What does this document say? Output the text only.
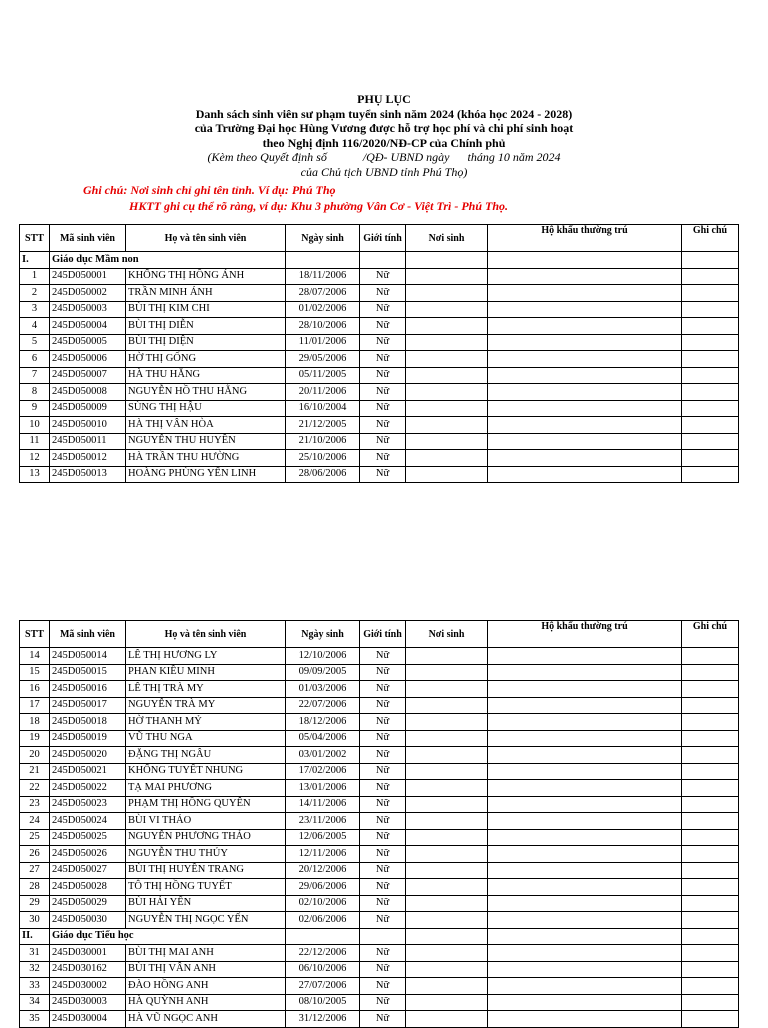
PHỤ LỤC
Danh sách sinh viên sư phạm tuyển sinh năm 2024 (khóa học 2024 - 2028)
của Trường Đại học Hùng Vương được hỗ trợ học phí và chi phí sinh hoạt
theo Nghị định 116/2020/NĐ-CP của Chính phủ
(Kèm theo Quyết định số            /QĐ- UBND ngày      tháng 10 năm 2024
của Chủ tịch UBND tỉnh Phú Thọ)
Ghi chú: Nơi sinh chỉ ghi tên tỉnh. Ví dụ: Phú Thọ
HKTT ghi cụ thể rõ ràng, ví dụ: Khu 3 phường Vân Cơ - Việt Trì - Phú Thọ.
STT	Mã sinh viên	Họ và tên sinh viên	Ngày sinh	Giới tính	Nơi sinh	Hộ khẩu thường trú	Ghi chú
I.	Giáo dục Mầm non						
1	245D050001	KHỔNG THỊ HỒNG ÁNH	18/11/2006	Nữ			
2	245D050002	TRẦN MINH ÁNH	28/07/2006	Nữ			
3	245D050003	BÙI THỊ KIM CHI	01/02/2006	Nữ			
4	245D050004	BÙI THỊ DIỄN	28/10/2006	Nữ			
5	245D050005	BÙI THỊ DIỆN	11/01/2006	Nữ			
6	245D050006	HỜ THỊ GỐNG	29/05/2006	Nữ			
7	245D050007	HÀ THU HẰNG	05/11/2005	Nữ			
8	245D050008	NGUYỄN HỒ THU HẰNG	20/11/2006	Nữ			
9	245D050009	SÙNG THỊ HẬU	16/10/2004	Nữ			
10	245D050010	HÀ THỊ VÂN HÒA	21/12/2005	Nữ			
11	245D050011	NGUYỄN THU HUYỀN	21/10/2006	Nữ			
12	245D050012	HÀ TRẦN THU HƯỜNG	25/10/2006	Nữ			
13	245D050013	HOÀNG PHÙNG YẾN LINH	28/06/2006	Nữ			
STT	Mã sinh viên	Họ và tên sinh viên	Ngày sinh	Giới tính	Nơi sinh	Hộ khẩu thường trú	Ghi chú
14	245D050014	LÊ THỊ HƯƠNG LY	12/10/2006	Nữ			
15	245D050015	PHAN KIỀU MINH	09/09/2005	Nữ			
16	245D050016	LÊ THỊ TRÀ MY	01/03/2006	Nữ			
17	245D050017	NGUYỄN TRÀ MY	22/07/2006	Nữ			
18	245D050018	HỜ THANH MỶ	18/12/2006	Nữ			
19	245D050019	VŨ THU NGA	05/04/2006	Nữ			
20	245D050020	ĐẶNG THỊ NGÂU	03/01/2002	Nữ			
21	245D050021	KHỔNG TUYẾT NHUNG	17/02/2006	Nữ			
22	245D050022	TẠ MAI PHƯƠNG	13/01/2006	Nữ			
23	245D050023	PHẠM THỊ HỒNG QUYÊN	14/11/2006	Nữ			
24	245D050024	BÙI VI THẢO	23/11/2006	Nữ			
25	245D050025	NGUYỄN PHƯƠNG THẢO	12/06/2005	Nữ			
26	245D050026	NGUYỄN THU THỦY	12/11/2006	Nữ			
27	245D050027	BÙI THỊ HUYỀN TRANG	20/12/2006	Nữ			
28	245D050028	TÔ THỊ HỒNG TUYẾT	29/06/2006	Nữ			
29	245D050029	BÙI HẢI YẾN	02/10/2006	Nữ			
30	245D050030	NGUYỄN THỊ NGỌC YẾN	02/06/2006	Nữ			
II.	Giáo dục Tiểu học						
31	245D030001	BÙI THỊ MAI ANH	22/12/2006	Nữ			
32	245D030162	BÙI THỊ VÂN ANH	06/10/2006	Nữ			
33	245D030002	ĐÀO HỒNG ANH	27/07/2006	Nữ			
34	245D030003	HÀ QUỲNH ANH	08/10/2005	Nữ			
35	245D030004	HÀ VŨ NGỌC ANH	31/12/2006	Nữ			
